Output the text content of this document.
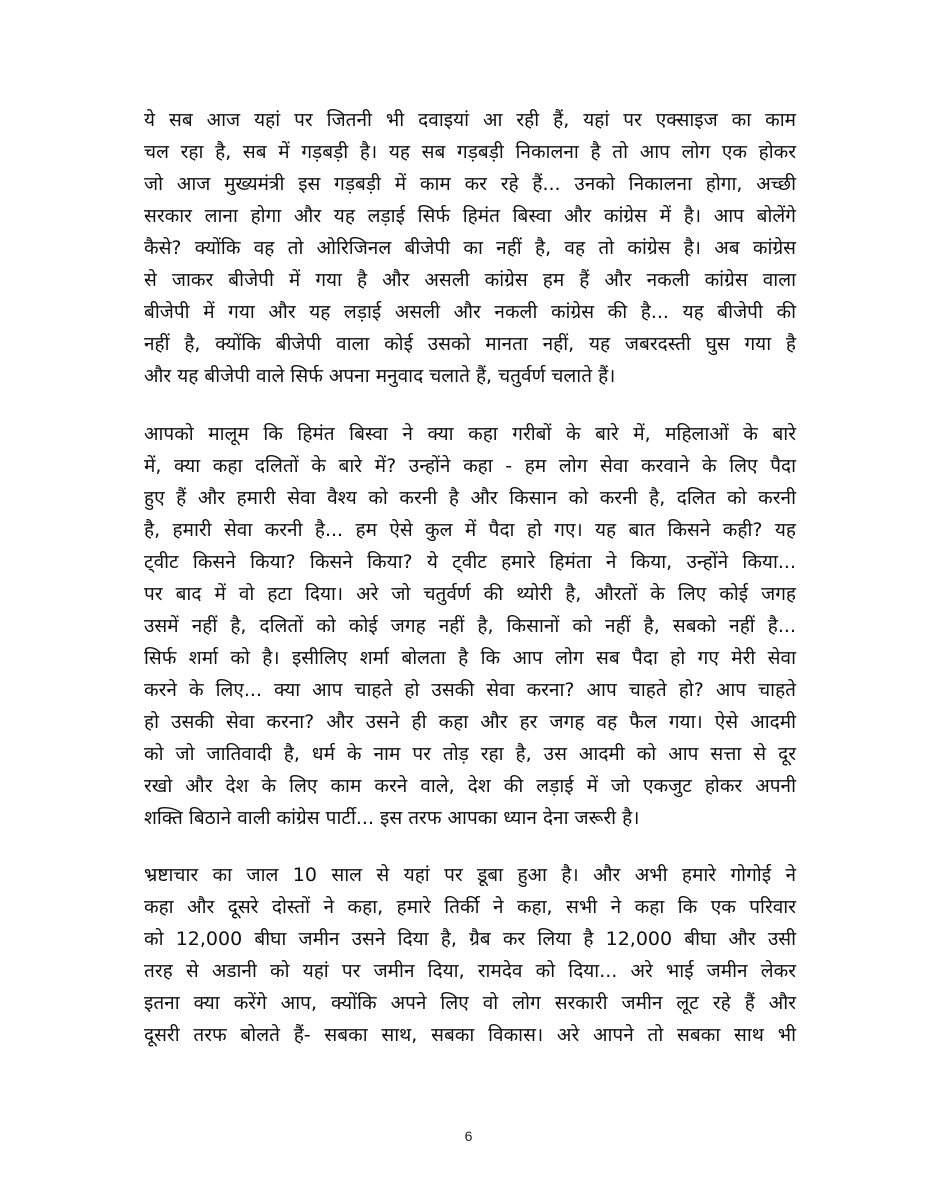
ये सब आज यहां पर जितनी भी दवाइयां आ रही हैं, यहां पर एक्साइज का काम
चल रहा है, सब में गड़बड़ी है। यह सब गड़बड़ी निकालना है तो आप लोग एक होकर
जो आज मुख्यमंत्री इस गड़बड़ी में काम कर रहे हैं... उनको निकालना होगा, अच्छी
सरकार लाना होगा और यह लड़ाई सिर्फ हिमंत बिस्वा और कांग्रेस में है। आप बोलेंगे
कैसे? क्योंकि वह तो ओरिजिनल बीजेपी का नहीं है, वह तो कांग्रेस है। अब कांग्रेस
से जाकर बीजेपी में गया है और असली कांग्रेस हम हैं और नकली कांग्रेस वाला
बीजेपी में गया और यह लड़ाई असली और नकली कांग्रेस की है... यह बीजेपी की
नहीं है, क्योंकि बीजेपी वाला कोई उसको मानता नहीं, यह जबरदस्ती घुस गया है
और यह बीजेपी वाले सिर्फ अपना मनुवाद चलाते हैं, चतुर्वर्ण चलाते हैं।
आपको मालूम कि हिमंत बिस्वा ने क्या कहा गरीबों के बारे में, महिलाओं के बारे
में, क्या कहा दलितों के बारे में? उन्होंने कहा - हम लोग सेवा करवाने के लिए पैदा
हुए हैं और हमारी सेवा वैश्य को करनी है और किसान को करनी है, दलित को करनी
है, हमारी सेवा करनी है... हम ऐसे कुल में पैदा हो गए। यह बात किसने कही? यह
ट्वीट किसने किया? किसने किया? ये ट्वीट हमारे हिमंता ने किया, उन्होंने किया...
पर बाद में वो हटा दिया। अरे जो चतुर्वर्ण की थ्योरी है, औरतों के लिए कोई जगह
उसमें नहीं है, दलितों को कोई जगह नहीं है, किसानों को नहीं है, सबको नहीं है...
सिर्फ शर्मा को है। इसीलिए शर्मा बोलता है कि आप लोग सब पैदा हो गए मेरी सेवा
करने के लिए... क्या आप चाहते हो उसकी सेवा करना? आप चाहते हो? आप चाहते
हो उसकी सेवा करना? और उसने ही कहा और हर जगह वह फैल गया। ऐसे आदमी
को जो जातिवादी है, धर्म के नाम पर तोड़ रहा है, उस आदमी को आप सत्ता से दूर
रखो और देश के लिए काम करने वाले, देश की लड़ाई में जो एकजुट होकर अपनी
शक्ति बिठाने वाली कांग्रेस पार्टी... इस तरफ आपका ध्यान देना जरूरी है।
भ्रष्टाचार का जाल 10 साल से यहां पर डूबा हुआ है। और अभी हमारे गोगोई ने
कहा और दूसरे दोस्तों ने कहा, हमारे तिर्की ने कहा, सभी ने कहा कि एक परिवार
को 12,000 बीघा जमीन उसने दिया है, ग्रैब कर लिया है 12,000 बीघा और उसी
तरह से अडानी को यहां पर जमीन दिया, रामदेव को दिया... अरे भाई जमीन लेकर
इतना क्या करेंगे आप, क्योंकि अपने लिए वो लोग सरकारी जमीन लूट रहे हैं और
दूसरी तरफ बोलते हैं- सबका साथ, सबका विकास। अरे आपने तो सबका साथ भी
6
